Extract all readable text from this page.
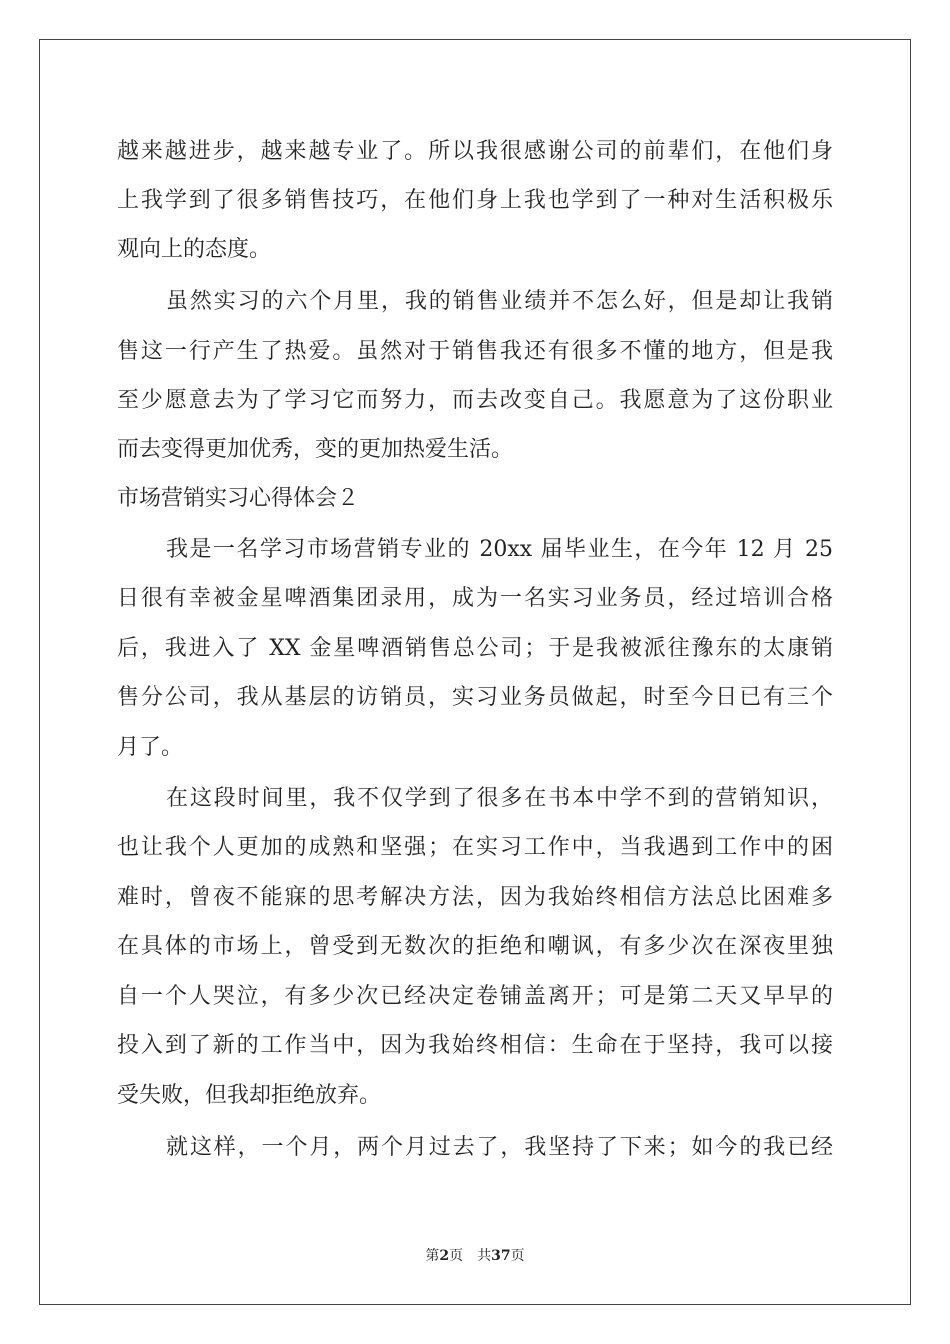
越来越进步，越来越专业了。所以我很感谢公司的前辈们，在他们身
上我学到了很多销售技巧，在他们身上我也学到了一种对生活积极乐
观向上的态度。
虽然实习的六个月里，我的销售业绩并不怎么好，但是却让我销
售这一行产生了热爱。虽然对于销售我还有很多不懂的地方，但是我
至少愿意去为了学习它而努力，而去改变自己。我愿意为了这份职业
而去变得更加优秀，变的更加热爱生活。
市场营销实习心得体会２
我是一名学习市场营销专业的 20xx 届毕业生，在今年 12 月 25
日很有幸被金星啤酒集团录用，成为一名实习业务员，经过培训合格
后，我进入了 XX 金星啤酒销售总公司；于是我被派往豫东的太康销
售分公司，我从基层的访销员，实习业务员做起，时至今日已有三个
月了。
在这段时间里，我不仅学到了很多在书本中学不到的营销知识，
也让我个人更加的成熟和坚强；在实习工作中，当我遇到工作中的困
难时，曾夜不能寐的思考解决方法，因为我始终相信方法总比困难多
在具体的市场上，曾受到无数次的拒绝和嘲讽，有多少次在深夜里独
自一个人哭泣，有多少次已经决定卷铺盖离开；可是第二天又早早的
投入到了新的工作当中，因为我始终相信：生命在于坚持，我可以接
受失败，但我却拒绝放弃。
就这样，一个月，两个月过去了，我坚持了下来；如今的我已经
第2页 共37页
